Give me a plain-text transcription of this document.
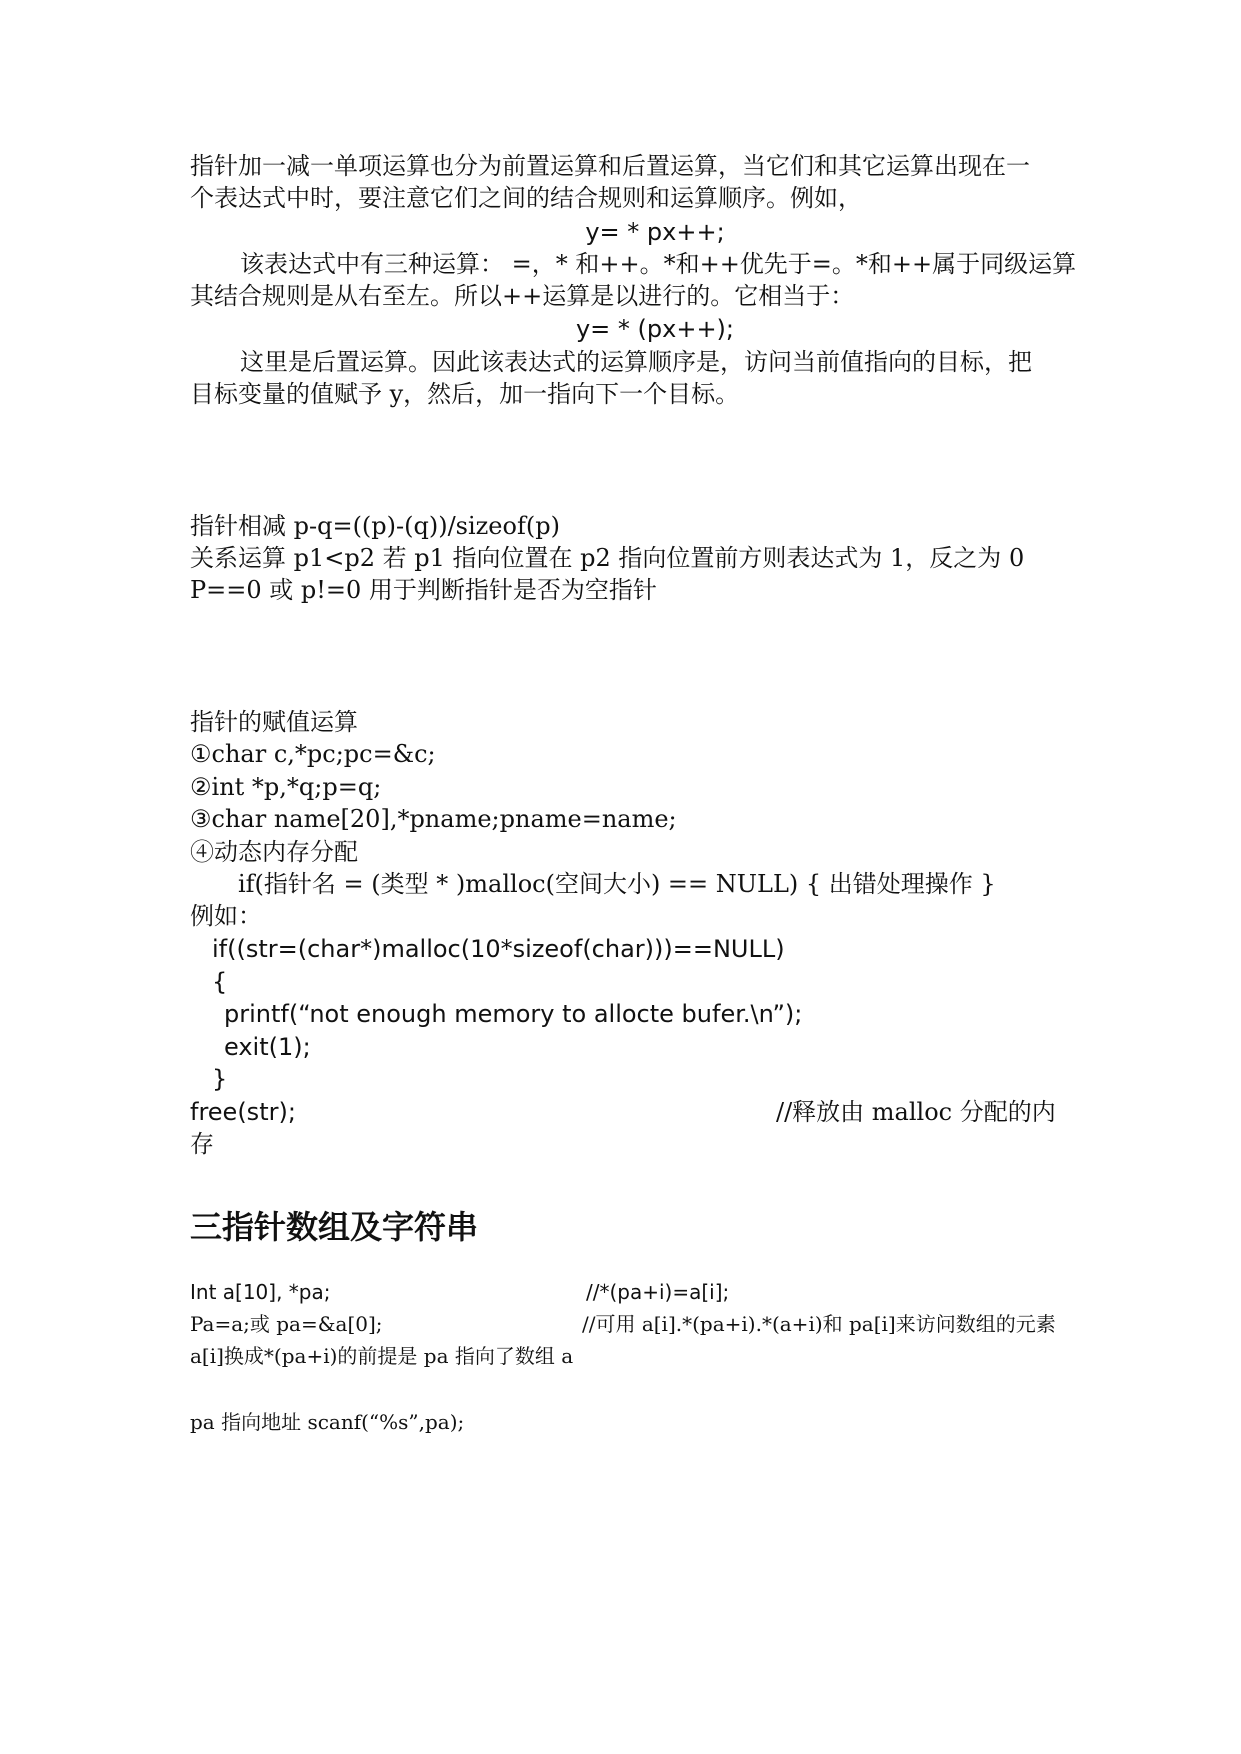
指针加一减一单项运算也分为前置运算和后置运算，当它们和其它运算出现在一
个表达式中时，要注意它们之间的结合规则和运算顺序。例如，
y= * px++;
该表达式中有三种运算： =，* 和++。*和++优先于=。*和++属于同级运算
其结合规则是从右至左。所以++运算是以进行的。它相当于：
y= * (px++);
这里是后置运算。因此该表达式的运算顺序是，访问当前值指向的目标，把
目标变量的值赋予 y，然后，加一指向下一个目标。
指针相减 p-q=((p)-(q))/sizeof(p)
关系运算 p1<p2 若 p1 指向位置在 p2 指向位置前方则表达式为 1，反之为 0
P==0 或 p!=0 用于判断指针是否为空指针
指针的赋值运算
①char c,*pc;pc=&c;
②int *p,*q;p=q;
③char name[20],*pname;pname=name;
④动态内存分配
if(指针名 = (类型 * )malloc(空间大小) == NULL) { 出错处理操作 }
例如：
if((str=(char*)malloc(10*sizeof(char)))==NULL)
{
printf(“not enough memory to allocte bufer.\n”);
exit(1);
}
free(str);	//释放由 malloc 分配的内
存
三指针数组及字符串
Int a[10], *pa;	//*(pa+i)=a[i];
Pa=a;或 pa=&a[0];	//可用 a[i].*(pa+i).*(a+i)和 pa[i]来访问数组的元素
a[i]换成*(pa+i)的前提是 pa 指向了数组 a
pa 指向地址 scanf(“%s”,pa);
